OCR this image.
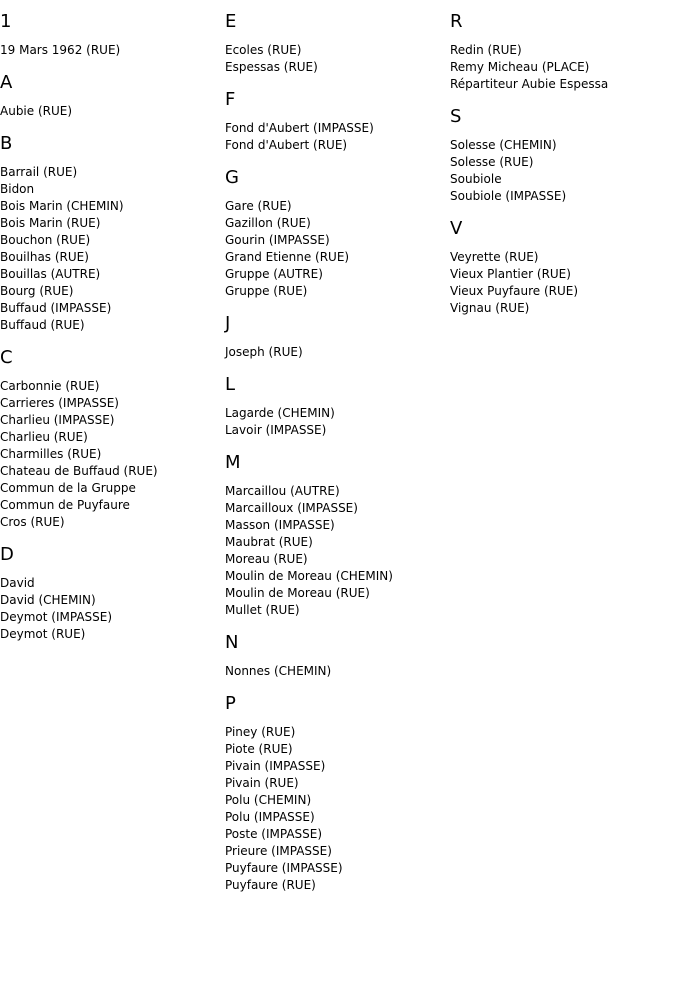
1
19 Mars 1962 (RUE)
A
Aubie (RUE)
B
Barrail (RUE)
Bidon
Bois Marin (CHEMIN)
Bois Marin (RUE)
Bouchon (RUE)
Bouilhas (RUE)
Bouillas (AUTRE)
Bourg (RUE)
Buffaud (IMPASSE)
Buffaud (RUE)
C
Carbonnie (RUE)
Carrieres (IMPASSE)
Charlieu (IMPASSE)
Charlieu (RUE)
Charmilles (RUE)
Chateau de Buffaud (RUE)
Commun de la Gruppe
Commun de Puyfaure
Cros (RUE)
D
David
David (CHEMIN)
Deymot (IMPASSE)
Deymot (RUE)
E
Ecoles (RUE)
Espessas (RUE)
F
Fond d'Aubert (IMPASSE)
Fond d'Aubert (RUE)
G
Gare (RUE)
Gazillon (RUE)
Gourin (IMPASSE)
Grand Etienne (RUE)
Gruppe (AUTRE)
Gruppe (RUE)
J
Joseph (RUE)
L
Lagarde (CHEMIN)
Lavoir (IMPASSE)
M
Marcaillou (AUTRE)
Marcailloux (IMPASSE)
Masson (IMPASSE)
Maubrat (RUE)
Moreau (RUE)
Moulin de Moreau (CHEMIN)
Moulin de Moreau (RUE)
Mullet (RUE)
N
Nonnes (CHEMIN)
P
Piney (RUE)
Piote (RUE)
Pivain (IMPASSE)
Pivain (RUE)
Polu (CHEMIN)
Polu (IMPASSE)
Poste (IMPASSE)
Prieure (IMPASSE)
Puyfaure (IMPASSE)
Puyfaure (RUE)
R
Redin (RUE)
Remy Micheau (PLACE)
Répartiteur Aubie Espessa
S
Solesse (CHEMIN)
Solesse (RUE)
Soubiole
Soubiole (IMPASSE)
V
Veyrette (RUE)
Vieux Plantier (RUE)
Vieux Puyfaure (RUE)
Vignau (RUE)
